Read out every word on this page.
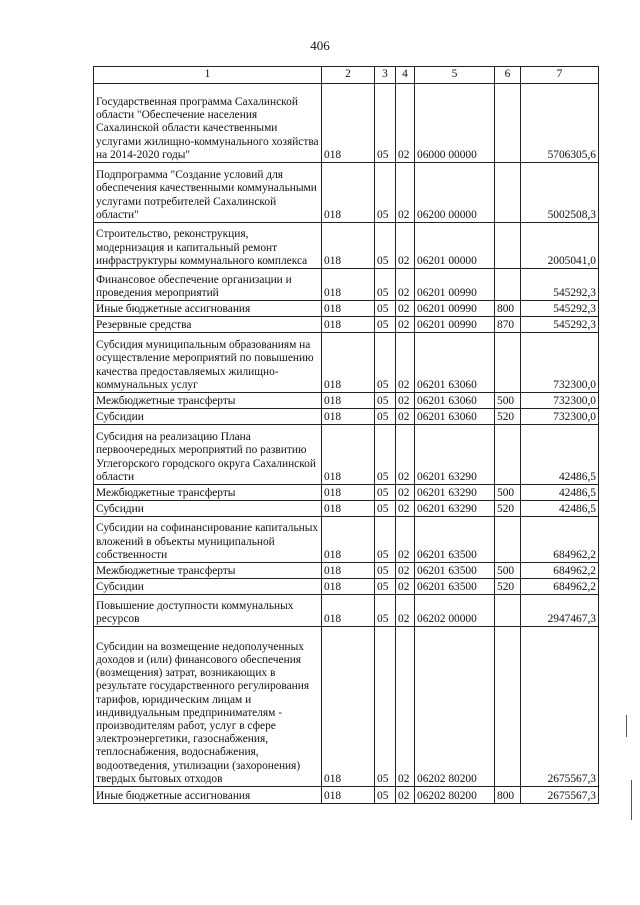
406
1	2	3	4	5	6	7
Государственная программа Сахалинской области "Обеспечение населения Сахалинской области качественными услугами жилищно-коммунального хозяйства на 2014-2020 годы"	018	05	02	06000 00000		5706305,6
Подпрограмма "Создание условий для обеспечения качественными коммунальными услугами потребителей Сахалинской области"	018	05	02	06200 00000		5002508,3
Строительство, реконструкция, модернизация и капитальный ремонт инфраструктуры коммунального комплекса	018	05	02	06201 00000		2005041,0
Финансовое обеспечение организации и проведения мероприятий	018	05	02	06201 00990		545292,3
Иные бюджетные ассигнования	018	05	02	06201 00990	800	545292,3
Резервные средства	018	05	02	06201 00990	870	545292,3
Субсидия муниципальным образованиям на осуществление мероприятий по повышению качества предоставляемых жилищно-коммунальных услуг	018	05	02	06201 63060		732300,0
Межбюджетные трансферты	018	05	02	06201 63060	500	732300,0
Субсидии	018	05	02	06201 63060	520	732300,0
Субсидия на реализацию Плана первоочередных мероприятий по развитию Углегорского городского округа Сахалинской области	018	05	02	06201 63290		42486,5
Межбюджетные трансферты	018	05	02	06201 63290	500	42486,5
Субсидии	018	05	02	06201 63290	520	42486,5
Субсидии на софинансирование капитальных вложений в объекты муниципальной собственности	018	05	02	06201 63500		684962,2
Межбюджетные трансферты	018	05	02	06201 63500	500	684962,2
Субсидии	018	05	02	06201 63500	520	684962,2
Повышение доступности коммунальных ресурсов	018	05	02	06202 00000		2947467,3
Субсидии на возмещение недополученных доходов и (или) финансового обеспечения (возмещения) затрат, возникающих в результате государственного регулирования тарифов, юридическим лицам и индивидуальным предпринимателям - производителям работ, услуг в сфере электроэнергетики, газоснабжения, теплоснабжения, водоснабжения, водоотведения, утилизации (захоронения) твердых бытовых отходов	018	05	02	06202 80200		2675567,3
Иные бюджетные ассигнования	018	05	02	06202 80200	800	2675567,3
